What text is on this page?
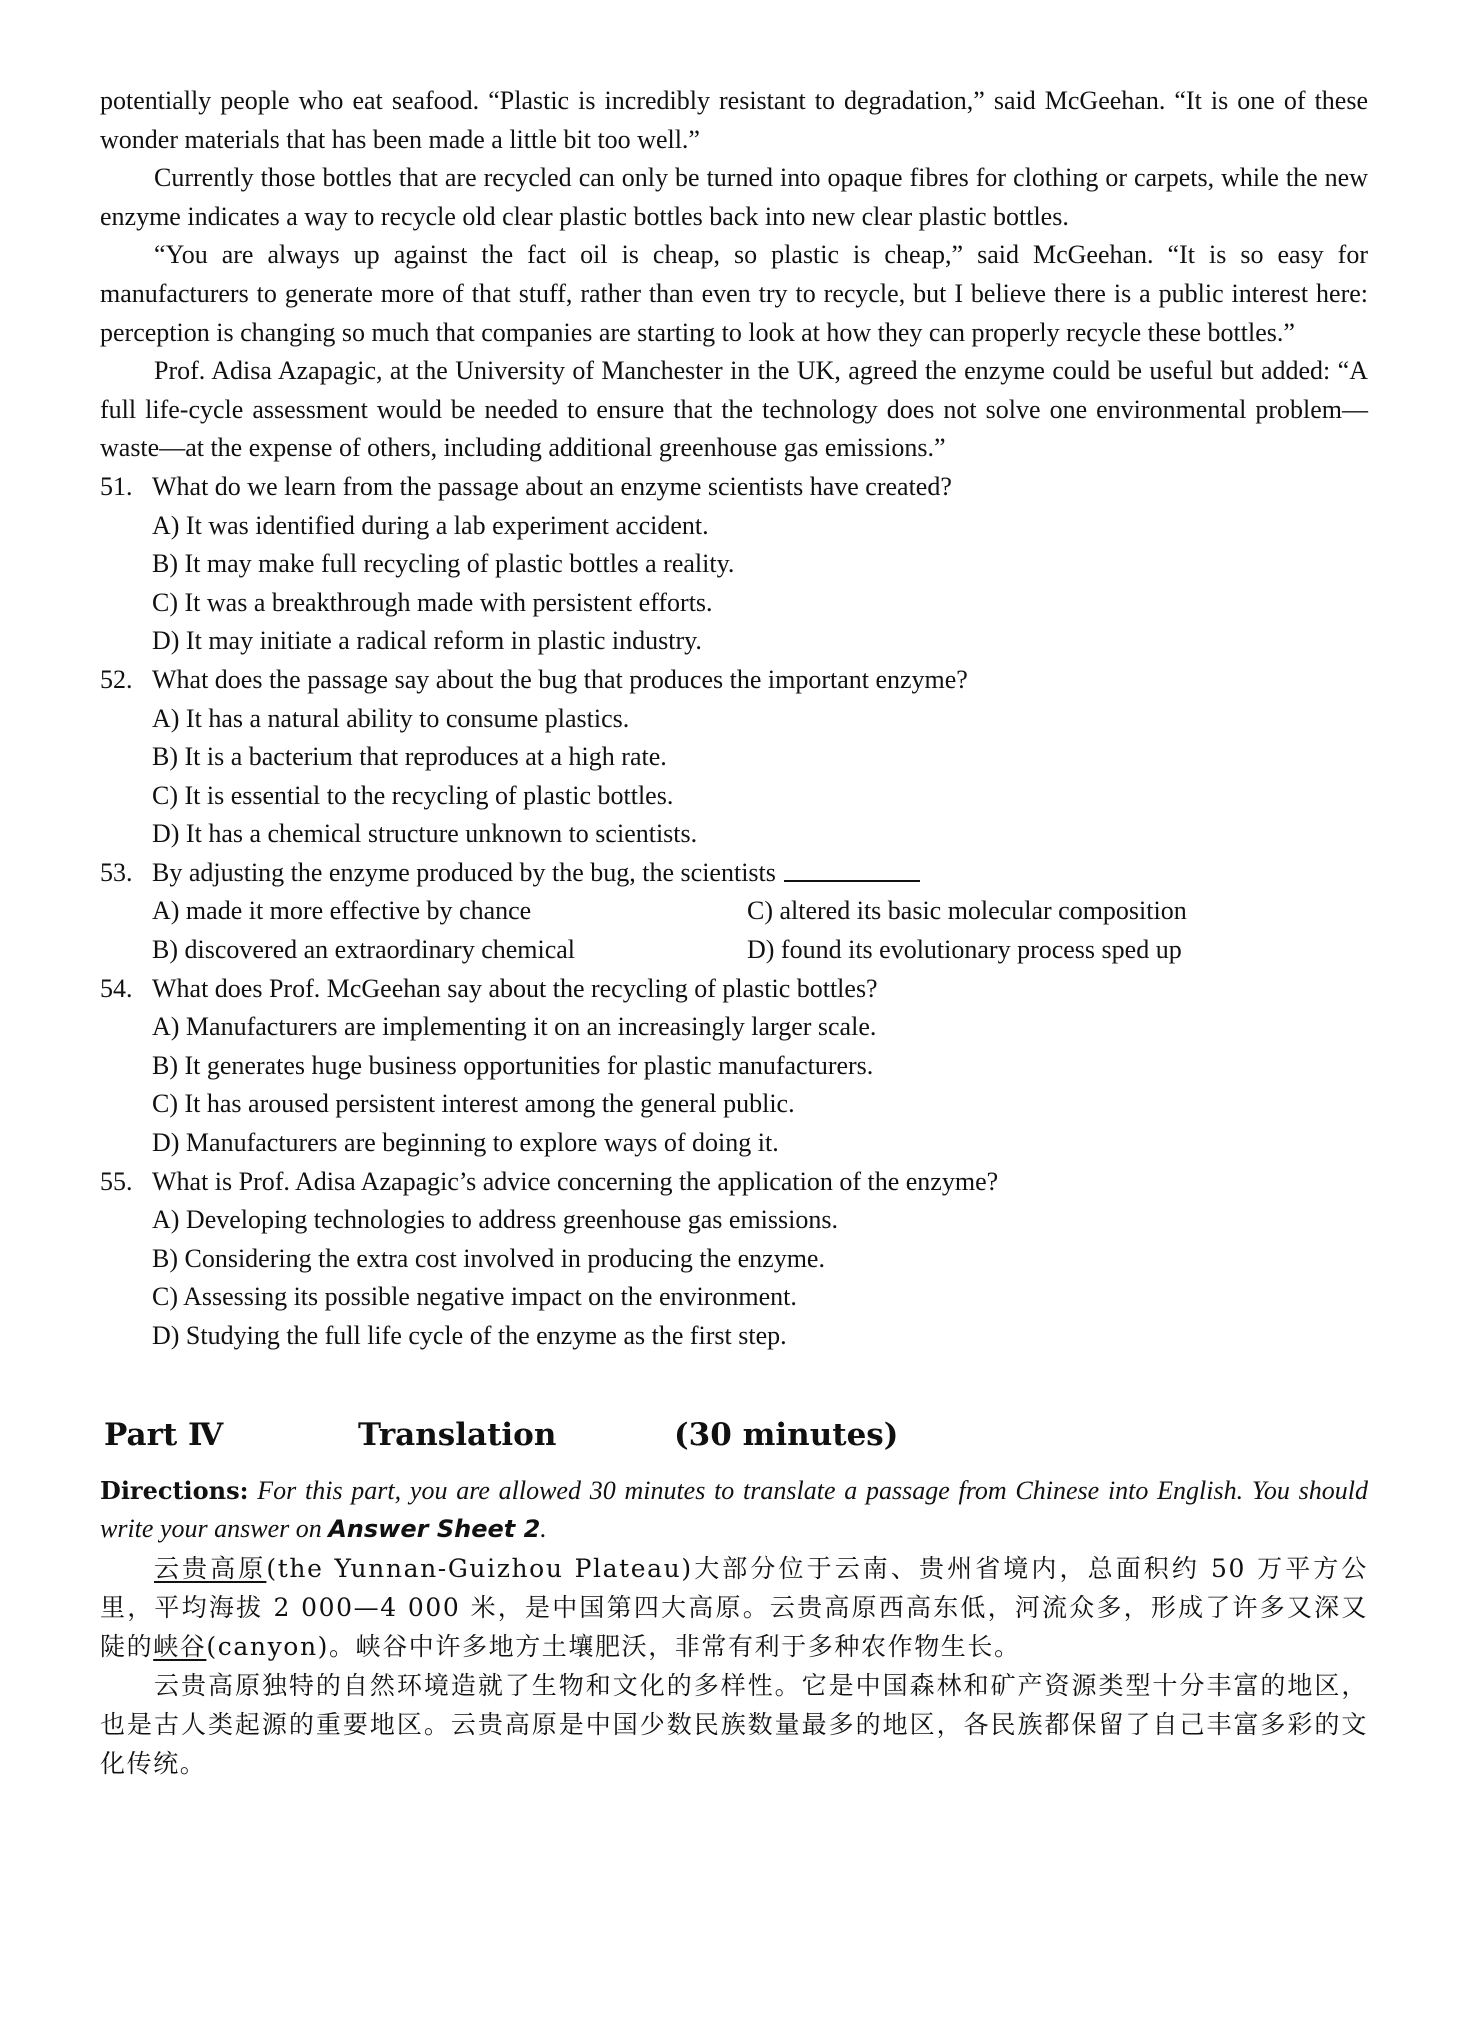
potentially people who eat seafood. “Plastic is incredibly resistant to degradation,” said McGeehan. “It is one of these wonder materials that has been made a little bit too well.”

Currently those bottles that are recycled can only be turned into opaque fibres for clothing or carpets, while the new enzyme indicates a way to recycle old clear plastic bottles back into new clear plastic bottles.

“You are always up against the fact oil is cheap, so plastic is cheap,” said McGeehan. “It is so easy for manufacturers to generate more of that stuff, rather than even try to recycle, but I believe there is a public interest here: perception is changing so much that companies are starting to look at how they can properly recycle these bottles.”

Prof. Adisa Azapagic, at the University of Manchester in the UK, agreed the enzyme could be useful but added: “A full life-cycle assessment would be needed to ensure that the technology does not solve one environmental problem—waste—at the expense of others, including additional greenhouse gas emissions.”

51. What do we learn from the passage about an enzyme scientists have created?
A) It was identified during a lab experiment accident.
B) It may make full recycling of plastic bottles a reality.
C) It was a breakthrough made with persistent efforts.
D) It may initiate a radical reform in plastic industry.
52. What does the passage say about the bug that produces the important enzyme?
A) It has a natural ability to consume plastics.
B) It is a bacterium that reproduces at a high rate.
C) It is essential to the recycling of plastic bottles.
D) It has a chemical structure unknown to scientists.
53. By adjusting the enzyme produced by the bug, the scientists
A) made it more effective by chance	C) altered its basic molecular composition
B) discovered an extraordinary chemical	D) found its evolutionary process sped up
54. What does Prof. McGeehan say about the recycling of plastic bottles?
A) Manufacturers are implementing it on an increasingly larger scale.
B) It generates huge business opportunities for plastic manufacturers.
C) It has aroused persistent interest among the general public.
D) Manufacturers are beginning to explore ways of doing it.
55. What is Prof. Adisa Azapagic’s advice concerning the application of the enzyme?
A) Developing technologies to address greenhouse gas emissions.
B) Considering the extra cost involved in producing the enzyme.
C) Assessing its possible negative impact on the environment.
D) Studying the full life cycle of the enzyme as the first step.
Part Ⅳ	Translation	(30 minutes)

Directions: For this part, you are allowed 30 minutes to translate a passage from Chinese into English. You should write your answer on Answer Sheet 2.

云贵高原(the Yunnan-Guizhou Plateau)大部分位于云南、贵州省境内，总面积约 50 万平方公里，平均海拔 2 000—4 000 米，是中国第四大高原。云贵高原西高东低，河流众多，形成了许多又深又陡的峡谷(canyon)。峡谷中许多地方土壤肥沃，非常有利于多种农作物生长。

云贵高原独特的自然环境造就了生物和文化的多样性。它是中国森林和矿产资源类型十分丰富的地区，也是古人类起源的重要地区。云贵高原是中国少数民族数量最多的地区，各民族都保留了自己丰富多彩的文化传统。
